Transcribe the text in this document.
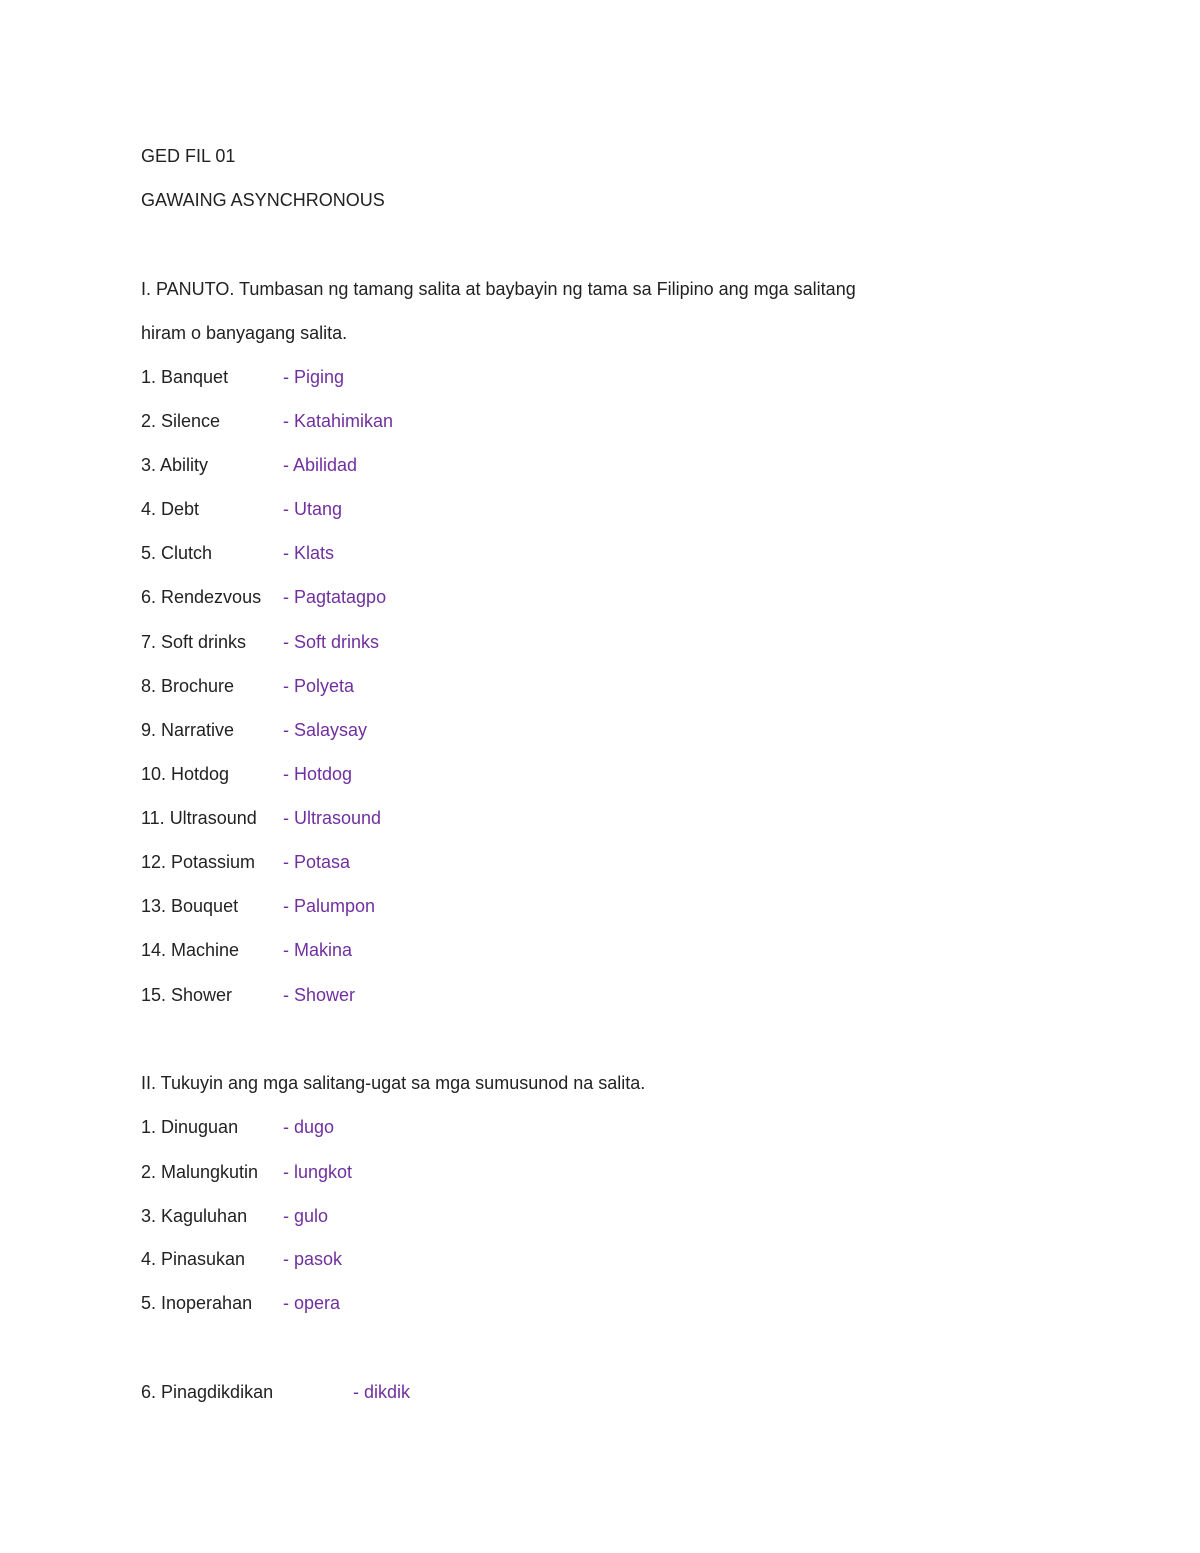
GED FIL 01
GAWAING ASYNCHRONOUS
I. PANUTO. Tumbasan ng tamang salita at baybayin ng tama sa Filipino ang mga salitang
hiram o banyagang salita.
1. Banquet	- Piging
2. Silence	- Katahimikan
3. Ability	- Abilidad
4. Debt	- Utang
5. Clutch	- Klats
6. Rendezvous - Pagtatagpo
7. Soft drinks - Soft drinks
8. Brochure	- Polyeta
9. Narrative	- Salaysay
10. Hotdog	- Hotdog
11. Ultrasound - Ultrasound
12. Potassium - Potasa
13. Bouquet - Palumpon
14. Machine - Makina
15. Shower	- Shower
II. Tukuyin ang mga salitang-ugat sa mga sumusunod na salita.
1. Dinuguan - dugo
2. Malungkutin - lungkot
3. Kaguluhan - gulo
4. Pinasukan - pasok
5. Inoperahan - opera
6. Pinagdikdikan	- dikdik
